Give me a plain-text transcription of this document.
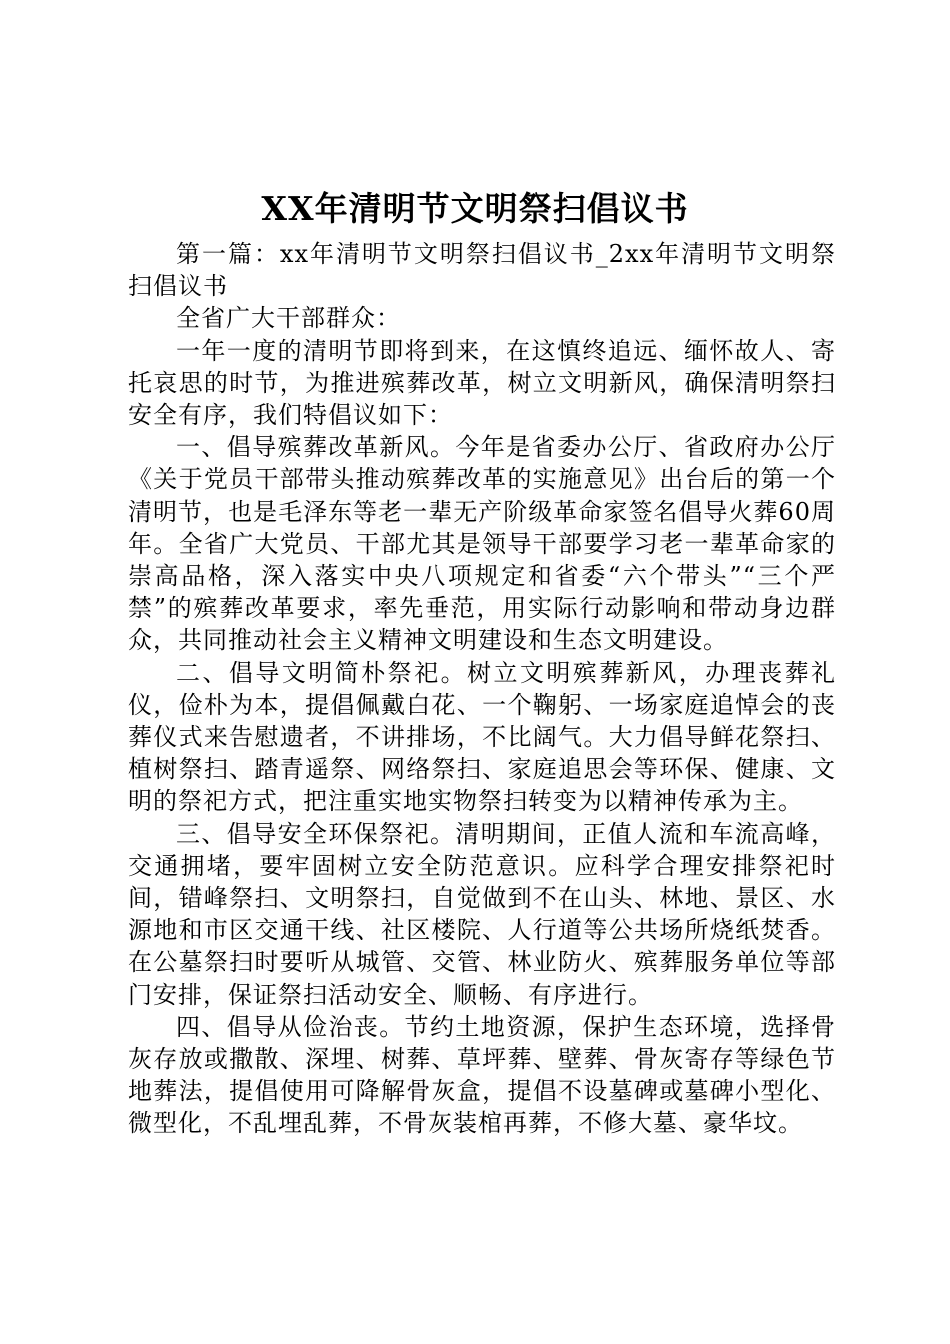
XX年清明节文明祭扫倡议书

第一篇：xx年清明节文明祭扫倡议书_2xx年清明节文明祭扫倡议书

全省广大干部群众：

一年一度的清明节即将到来，在这慎终追远、缅怀故人、寄托哀思的时节，为推进殡葬改革，树立文明新风，确保清明祭扫安全有序，我们特倡议如下：

一、倡导殡葬改革新风。今年是省委办公厅、省政府办公厅《关于党员干部带头推动殡葬改革的实施意见》出台后的第一个清明节，也是毛泽东等老一辈无产阶级革命家签名倡导火葬60周年。全省广大党员、干部尤其是领导干部要学习老一辈革命家的崇高品格，深入落实中央八项规定和省委“六个带头”“三个严禁”的殡葬改革要求，率先垂范，用实际行动影响和带动身边群众，共同推动社会主义精神文明建设和生态文明建设。

二、倡导文明简朴祭祀。树立文明殡葬新风，办理丧葬礼仪，俭朴为本，提倡佩戴白花、一个鞠躬、一场家庭追悼会的丧葬仪式来告慰遗者，不讲排场，不比阔气。大力倡导鲜花祭扫、植树祭扫、踏青遥祭、网络祭扫、家庭追思会等环保、健康、文明的祭祀方式，把注重实地实物祭扫转变为以精神传承为主。

三、倡导安全环保祭祀。清明期间，正值人流和车流高峰，交通拥堵，要牢固树立安全防范意识。应科学合理安排祭祀时间，错峰祭扫、文明祭扫，自觉做到不在山头、林地、景区、水源地和市区交通干线、社区楼院、人行道等公共场所烧纸焚香。在公墓祭扫时要听从城管、交管、林业防火、殡葬服务单位等部门安排，保证祭扫活动安全、顺畅、有序进行。

四、倡导从俭治丧。节约土地资源，保护生态环境，选择骨灰存放或撒散、深埋、树葬、草坪葬、壁葬、骨灰寄存等绿色节地葬法，提倡使用可降解骨灰盒，提倡不设墓碑或墓碑小型化、微型化，不乱埋乱葬，不骨灰装棺再葬，不修大墓、豪华坟。
